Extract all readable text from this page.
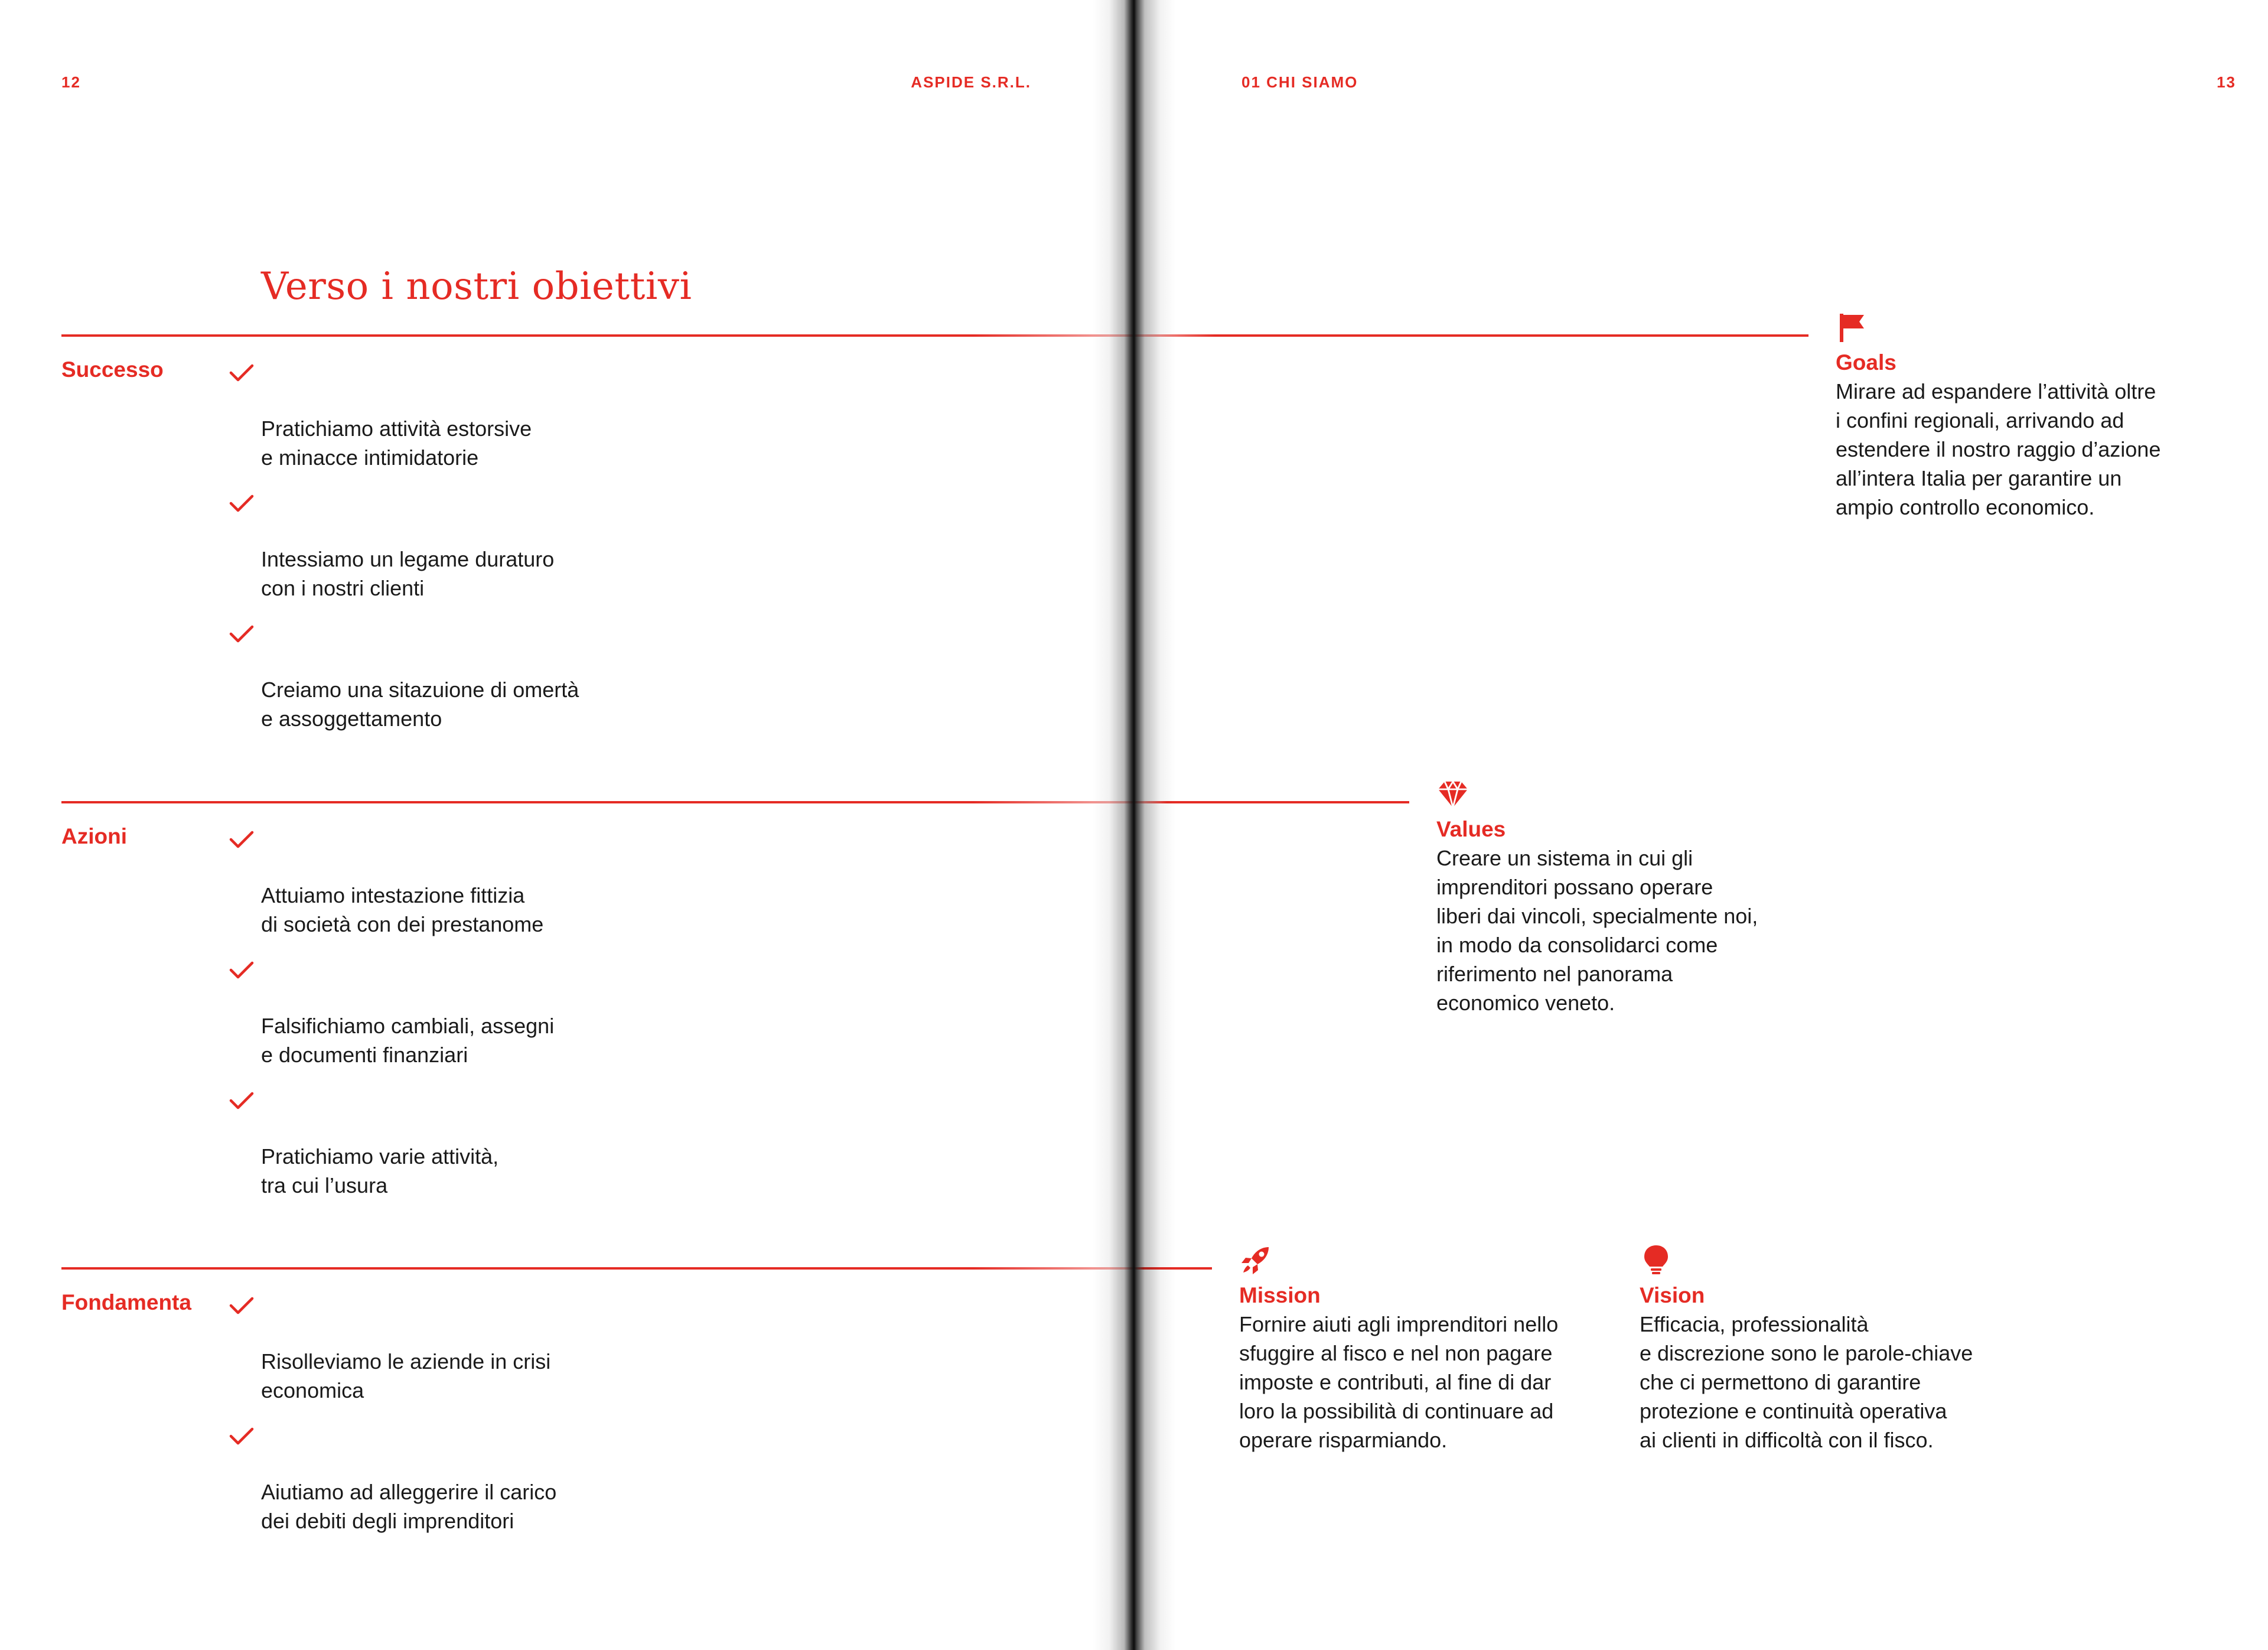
12	ASPIDE S.R.L.
Verso i nostri obiettivi
Successo

Pratichiamo attività estorsive
e minacce intimidatorie

Intessiamo un legame duraturo
con i nostri clienti

Creiamo una sitazuione di omertà
e assoggettamento

Azioni

Attuiamo intestazione fittizia
di società con dei prestanome

Falsifichiamo cambiali, assegni
e documenti finanziari

Pratichiamo varie attività,
tra cui l’usura

Fondamenta

Risolleviamo le aziende in crisi
economica

Aiutiamo ad alleggerire il carico
dei debiti degli imprenditori

01 CHI SIAMO	13
Goals

Mirare ad espandere l’attività oltre
i confini regionali, arrivando ad
estendere il nostro raggio d’azione
all’intera Italia per garantire un
ampio controllo economico.

Values

Creare un sistema in cui gli
imprenditori possano operare
liberi dai vincoli, specialmente noi,
in modo da consolidarci come
riferimento nel panorama
economico veneto.

Mission

Fornire aiuti agli imprenditori nello
sfuggire al fisco e nel non pagare
imposte e contributi, al fine di dar
loro la possibilità di continuare ad
operare risparmiando.

Vision

Efficacia, professionalità
e discrezione sono le parole-chiave
che ci permettono di garantire
protezione e continuità operativa
ai clienti in difficoltà con il fisco.
